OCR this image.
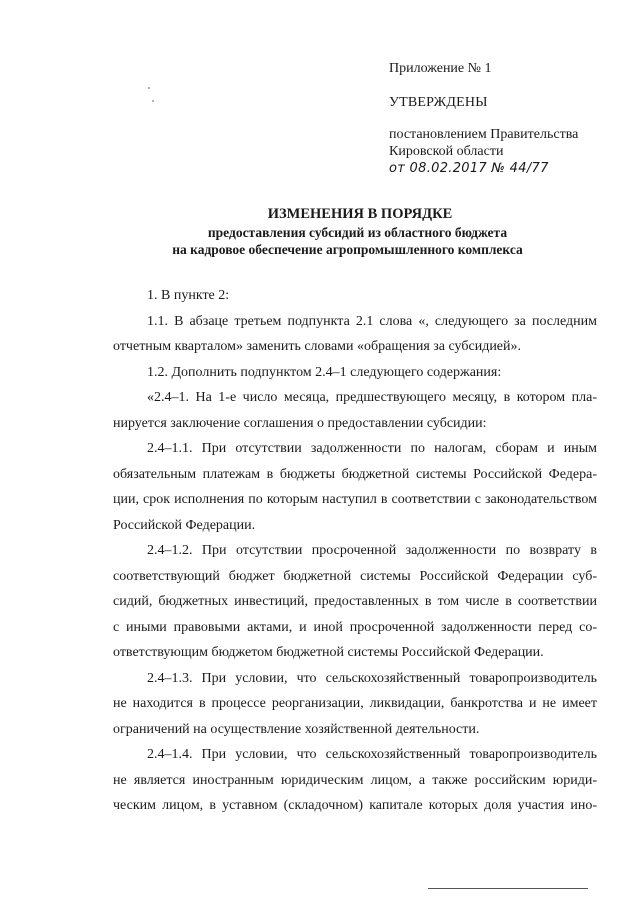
Приложение № 1
УТВЕРЖДЕНЫ
постановлением Правительства
Кировской области
от 08.02.2017 № 44/77
ИЗМЕНЕНИЯ В ПОРЯДКЕ
предоставления субсидий из областного бюджета
на кадровое обеспечение агропромышленного комплекса
1. В пункте 2:
1.1. В абзаце третьем подпункта 2.1 слова «, следующего за последним
отчетным кварталом» заменить словами «обращения за субсидией».
1.2. Дополнить подпунктом 2.4–1 следующего содержания:
«2.4–1. На 1-е число месяца, предшествующего месяцу, в котором пла-
нируется заключение соглашения о предоставлении субсидии:
2.4–1.1. При отсутствии задолженности по налогам, сборам и иным
обязательным платежам в бюджеты бюджетной системы Российской Федера-
ции, срок исполнения по которым наступил в соответствии с законодательством
Российской Федерации.
2.4–1.2. При отсутствии просроченной задолженности по возврату в
соответствующий бюджет бюджетной системы Российской Федерации суб-
сидий, бюджетных инвестиций, предоставленных в том числе в соответствии
с иными правовыми актами, и иной просроченной задолженности перед со-
ответствующим бюджетом бюджетной системы Российской Федерации.
2.4–1.3. При условии, что сельскохозяйственный товаропроизводитель
не находится в процессе реорганизации, ликвидации, банкротства и не имеет
ограничений на осуществление хозяйственной деятельности.
2.4–1.4. При условии, что сельскохозяйственный товаропроизводитель
не является иностранным юридическим лицом, а также российским юриди-
ческим лицом, в уставном (складочном) капитале которых доля участия ино-
